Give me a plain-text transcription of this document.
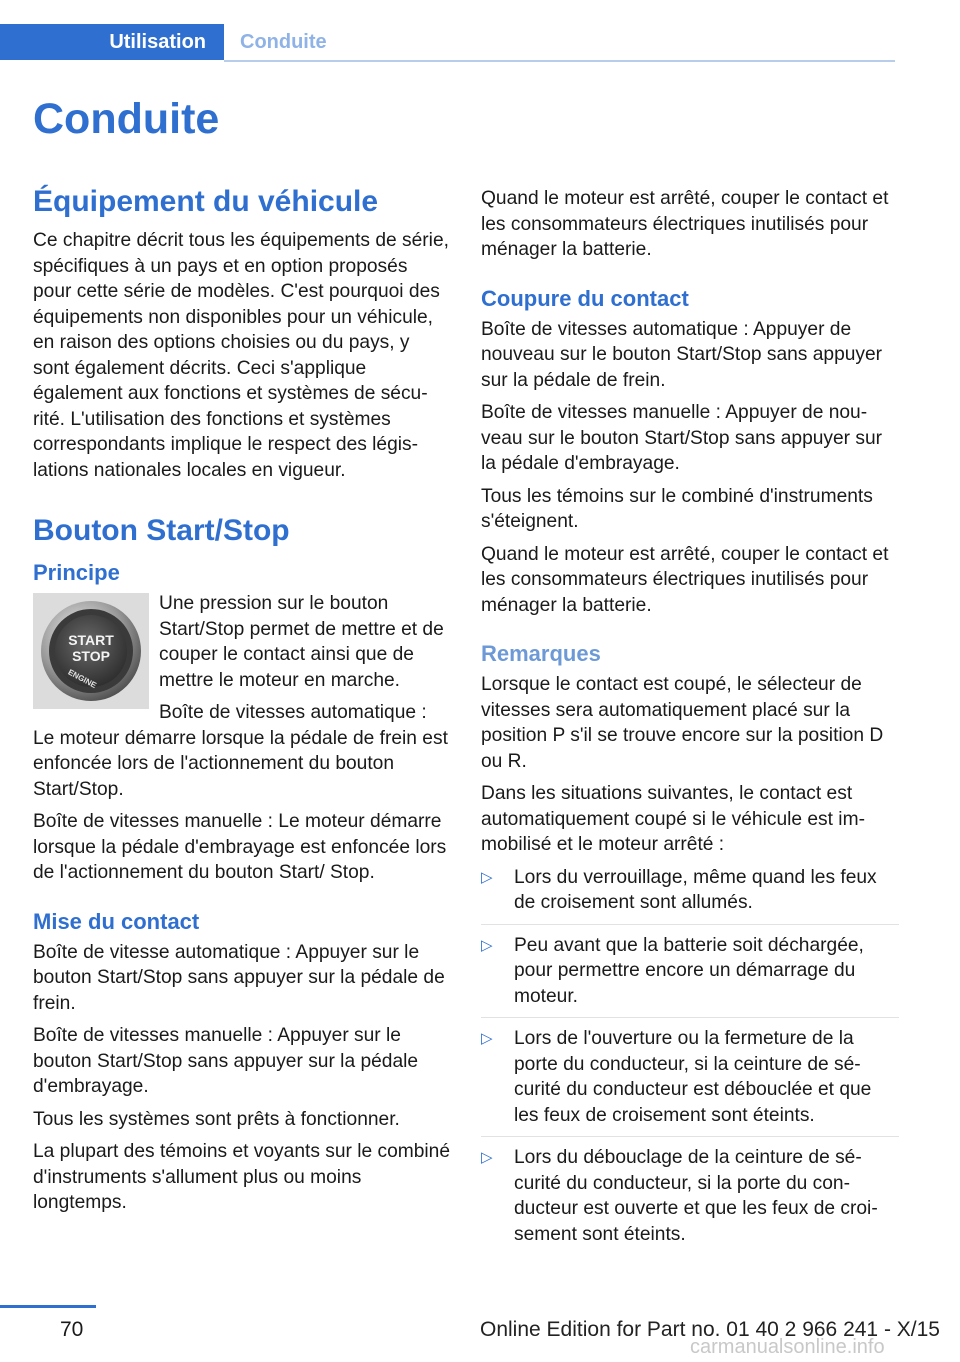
Utilisation	Conduite
Conduite
Équipement du véhicule

Ce chapitre décrit tous les équipements de série, spécifiques à un pays et en option proposés pour cette série de modèles. C'est pourquoi des équipements non disponibles pour un véhicule, en raison des options choisies ou du pays, y sont également décrits. Ceci s'applique également aux fonctions et systèmes de sécurité. L'utilisation des fonctions et systèmes correspondants implique le respect des législations nationales locales en vigueur.

Bouton Start/Stop
Principe
START
STOP
ENGINE

Une pression sur le bouton Start/Stop permet de mettre et de couper le contact ainsi que de mettre le moteur en marche.

Boîte de vitesses automatique : Le moteur démarre lorsque la pédale de frein est enfoncée lors de l'actionnement du bouton Start/Stop.

Boîte de vitesses manuelle : Le moteur démarre lorsque la pédale d'embrayage est enfoncée lors de l'actionnement du bouton Start/ Stop.

Mise du contact

Boîte de vitesse automatique : Appuyer sur le bouton Start/Stop sans appuyer sur la pédale de frein.

Boîte de vitesses manuelle : Appuyer sur le bouton Start/Stop sans appuyer sur la pédale d'embrayage.

Tous les systèmes sont prêts à fonctionner.

La plupart des témoins et voyants sur le combiné d'instruments s'allument plus ou moins longtemps.

Quand le moteur est arrêté, couper le contact et les consommateurs électriques inutilisés pour ménager la batterie.

Coupure du contact

Boîte de vitesses automatique : Appuyer de nouveau sur le bouton Start/Stop sans appuyer sur la pédale de frein.

Boîte de vitesses manuelle : Appuyer de nouveau sur le bouton Start/Stop sans appuyer sur la pédale d'embrayage.

Tous les témoins sur le combiné d'instruments s'éteignent.

Quand le moteur est arrêté, couper le contact et les consommateurs électriques inutilisés pour ménager la batterie.

Remarques

Lorsque le contact est coupé, le sélecteur de vitesses sera automatiquement placé sur la position P s'il se trouve encore sur la position D ou R.

Dans les situations suivantes, le contact est automatiquement coupé si le véhicule est immobilisé et le moteur arrêté :

▷ Lors du verrouillage, même quand les feux de croisement sont allumés.
▷ Peu avant que la batterie soit déchargée, pour permettre encore un démarrage du moteur.
▷ Lors de l'ouverture ou la fermeture de la porte du conducteur, si la ceinture de sécurité du conducteur est débouclée et que les feux de croisement sont éteints.
▷ Lors du débouclage de la ceinture de sécurité du conducteur, si la porte du conducteur est ouverte et que les feux de croisement sont éteints.
70	Online Edition for Part no. 01 40 2 966 241 - X/15
carmanualsonline.info
